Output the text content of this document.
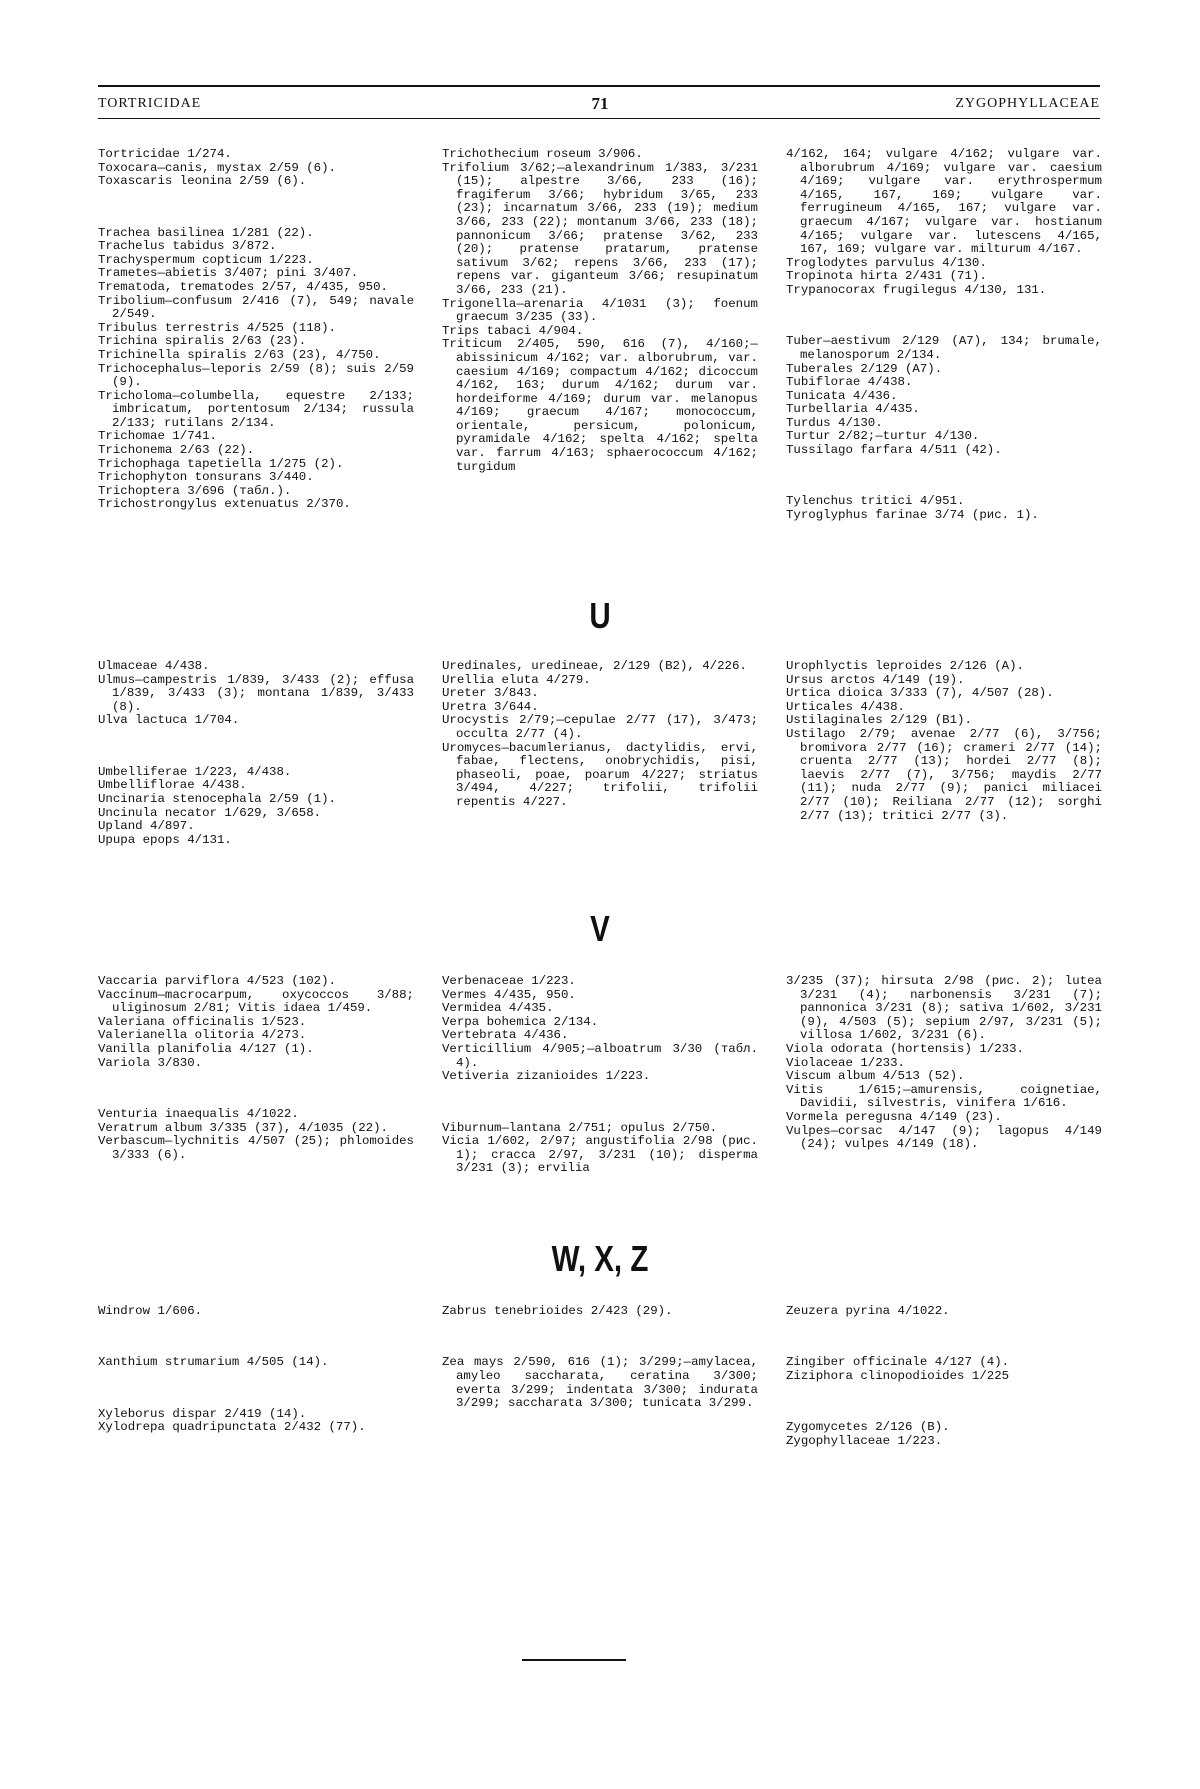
TORTRICIDAE	71	ZYGOPHYLLACEAE

Tortricidae 1/274.

Toxocara—canis, mystax 2/59 (6).

Toxascaris leonina 2/59 (6).

Trachea basilinea 1/281 (22).

Trachelus tabidus 3/872.

Trachyspermum copticum 1/223.

Trametes—abietis 3/407; pini 3/407.

Trematoda, trematodes 2/57, 4/435, 950.

Tribolium—confusum 2/416 (7), 549; navale 2/549.

Tribulus terrestris 4/525 (118).

Trichina spiralis 2/63 (23).

Trichinella spiralis 2/63 (23), 4/750.

Trichocephalus—leporis 2/59 (8); suis 2/59 (9).

Tricholoma—columbella, equestre 2/133; imbricatum, portentosum 2/134; russula 2/133; rutilans 2/134.

Trichomae 1/741.

Trichonema 2/63 (22).

Trichophaga tapetiella 1/275 (2).

Trichophyton tonsurans 3/440.

Trichoptera 3/696 (табл.).

Trichostrongylus extenuatus 2/370.

Trichothecium roseum 3/906.

Trifolium 3/62;—alexandrinum 1/383, 3/231 (15); alpestre 3/66, 233 (16); fragiferum 3/66; hybridum 3/65, 233 (23); incarnatum 3/66, 233 (19); medium 3/66, 233 (22); montanum 3/66, 233 (18); pannonicum 3/66; pratense 3/62, 233 (20); pratense pratarum, pratense sativum 3/62; repens 3/66, 233 (17); repens var. giganteum 3/66; resupinatum 3/66, 233 (21).

Trigonella—arenaria 4/1031 (3); foenum graecum 3/235 (33).

Trips tabaci 4/904.

Triticum 2/405, 590, 616 (7), 4/160;—abissinicum 4/162; var. alborubrum, var. caesium 4/169; compactum 4/162; dicoccum 4/162, 163; durum 4/162; durum var. hordeiforme 4/169; durum var. melanopus 4/169; graecum 4/167; monococcum, orientale, persicum, polonicum, pyramidale 4/162; spelta 4/162; spelta var. farrum 4/163; sphaerococcum 4/162; turgidum

4/162, 164; vulgare 4/162; vulgare var. alborubrum 4/169; vulgare var. caesium 4/169; vulgare var. erythrospermum 4/165, 167, 169; vulgare var. ferrugineum 4/165, 167; vulgare var. graecum 4/167; vulgare var. hostianum 4/165; vulgare var. lutescens 4/165, 167, 169; vulgare var. milturum 4/167.

Troglodytes parvulus 4/130.

Tropinota hirta 2/431 (71).

Trypanocorax frugilegus 4/130, 131.

Tuber—aestivum 2/129 (A7), 134; brumale, melanosporum 2/134.

Tuberales 2/129 (A7).

Tubiflorae 4/438.

Tunicata 4/436.

Turbellaria 4/435.

Turdus 4/130.

Turtur 2/82;—turtur 4/130.

Tussilago farfara 4/511 (42).

Tylenchus tritici 4/951.

Tyroglyphus farinae 3/74 (рис. 1).

U

Ulmaceae 4/438.

Ulmus—campestris 1/839, 3/433 (2); effusa 1/839, 3/433 (3); montana 1/839, 3/433 (8).

Ulva lactuca 1/704.

Umbelliferae 1/223, 4/438.

Umbelliflorae 4/438.

Uncinaria stenocephala 2/59 (1).

Uncinula necator 1/629, 3/658.

Upland 4/897.

Upupa epops 4/131.

Uredinales, uredineae, 2/129 (B2), 4/226.

Urellia eluta 4/279.

Ureter 3/843.

Uretra 3/644.

Urocystis 2/79;—cepulae 2/77 (17), 3/473; occulta 2/77 (4).

Uromyces—bacumlerianus, dactylidis, ervi, fabae, flectens, onobrychidis, pisi, phaseoli, poae, poarum 4/227; striatus 3/494, 4/227; trifolii, trifolii repentis 4/227.

Urophlyctis leproides 2/126 (A).

Ursus arctos 4/149 (19).

Urtica dioica 3/333 (7), 4/507 (28).

Urticales 4/438.

Ustilaginales 2/129 (B1).

Ustilago 2/79; avenae 2/77 (6), 3/756; bromivora 2/77 (16); crameri 2/77 (14); cruenta 2/77 (13); hordei 2/77 (8); laevis 2/77 (7), 3/756; maydis 2/77 (11); nuda 2/77 (9); panici miliacei 2/77 (10); Reiliana 2/77 (12); sorghi 2/77 (13); tritici 2/77 (3).

V

Vaccaria parviflora 4/523 (102).

Vaccinum—macrocarpum, oxycoccos 3/88; uliginosum 2/81; Vitis idaea 1/459.

Valeriana officinalis 1/523.

Valerianella olitoria 4/273.

Vanilla planifolia 4/127 (1).

Variola 3/830.

Venturia inaequalis 4/1022.

Veratrum album 3/335 (37), 4/1035 (22).

Verbascum—lychnitis 4/507 (25); phlomoides 3/333 (6).

Verbenaceae 1/223.

Vermes 4/435, 950.

Vermidea 4/435.

Verpa bohemica 2/134.

Vertebrata 4/436.

Verticillium 4/905;—alboatrum 3/30 (табл. 4).

Vetiveria zizanioides 1/223.

Viburnum—lantana 2/751; opulus 2/750.

Vicia 1/602, 2/97; angustifolia 2/98 (рис. 1); cracca 2/97, 3/231 (10); disperma 3/231 (3); ervilia

3/235 (37); hirsuta 2/98 (рис. 2); lutea 3/231 (4); narbonensis 3/231 (7); pannonica 3/231 (8); sativa 1/602, 3/231 (9), 4/503 (5); sepium 2/97, 3/231 (5); villosa 1/602, 3/231 (6).

Viola odorata (hortensis) 1/233.

Violaceae 1/233.

Viscum album 4/513 (52).

Vitis 1/615;—amurensis, coignetiae, Davidii, silvestris, vinifera 1/616.

Vormela peregusna 4/149 (23).

Vulpes—corsac 4/147 (9); lagopus 4/149 (24); vulpes 4/149 (18).

W, X, Z

Windrow 1/606.

Xanthium strumarium 4/505 (14).

Xyleborus dispar 2/419 (14).

Xylodrepa quadripunctata 2/432 (77).

Zabrus tenebrioides 2/423 (29).

Zea mays 2/590, 616 (1); 3/299;—amylacea, amyleo saccharata, ceratina 3/300; everta 3/299; indentata 3/300; indurata 3/299; saccharata 3/300; tunicata 3/299.

Zeuzera pyrina 4/1022.

Zingiber officinale 4/127 (4).

Ziziphora clinopodioides 1/225

Zygomycetes 2/126 (B).

Zygophyllaceae 1/223.
